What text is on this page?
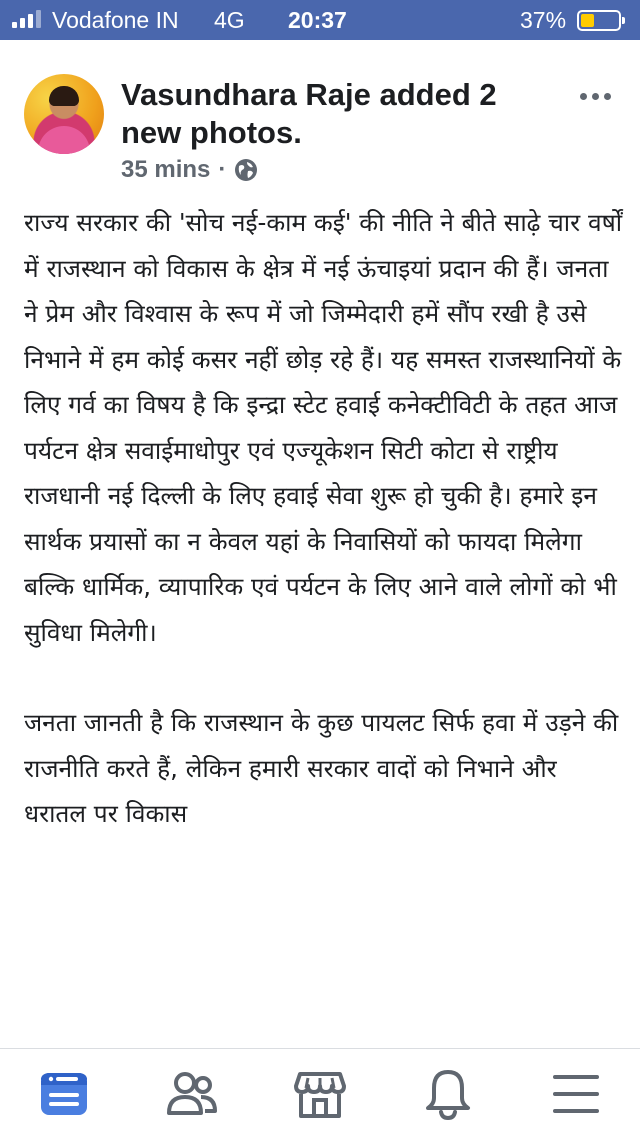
Vodafone IN 4G 20:37	37%
Vasundhara Raje added 2 new photos.
35 mins ·

राज्य सरकार की 'सोच नई-काम कई' की नीति ने बीते साढ़े चार वर्षों में राजस्थान को विकास के क्षेत्र में नई ऊंचाइयां प्रदान की हैं। जनता ने प्रेम और विश्वास के रूप में जो जिम्मेदारी हमें सौंप रखी है उसे निभाने में हम कोई कसर नहीं छोड़ रहे हैं। यह समस्त राजस्थानियों के लिए गर्व का विषय है कि इन्द्रा स्टेट हवाई कनेक्टीविटी के तहत आज पर्यटन क्षेत्र सवाईमाधोपुर एवं एज्यूकेशन सिटी कोटा से राष्ट्रीय राजधानी नई दिल्ली के लिए हवाई सेवा शुरू हो चुकी है। हमारे इन सार्थक प्रयासों का न केवल यहां के निवासियों को फायदा मिलेगा बल्कि धार्मिक, व्यापारिक एवं पर्यटन के लिए आने वाले लोगों को भी सुविधा मिलेगी।

जनता जानती है कि राजस्थान के कुछ पायलट सिर्फ हवा में उड़ने की राजनीति करते हैं, लेकिन हमारी सरकार वादों को निभाने और धरातल पर विकास
